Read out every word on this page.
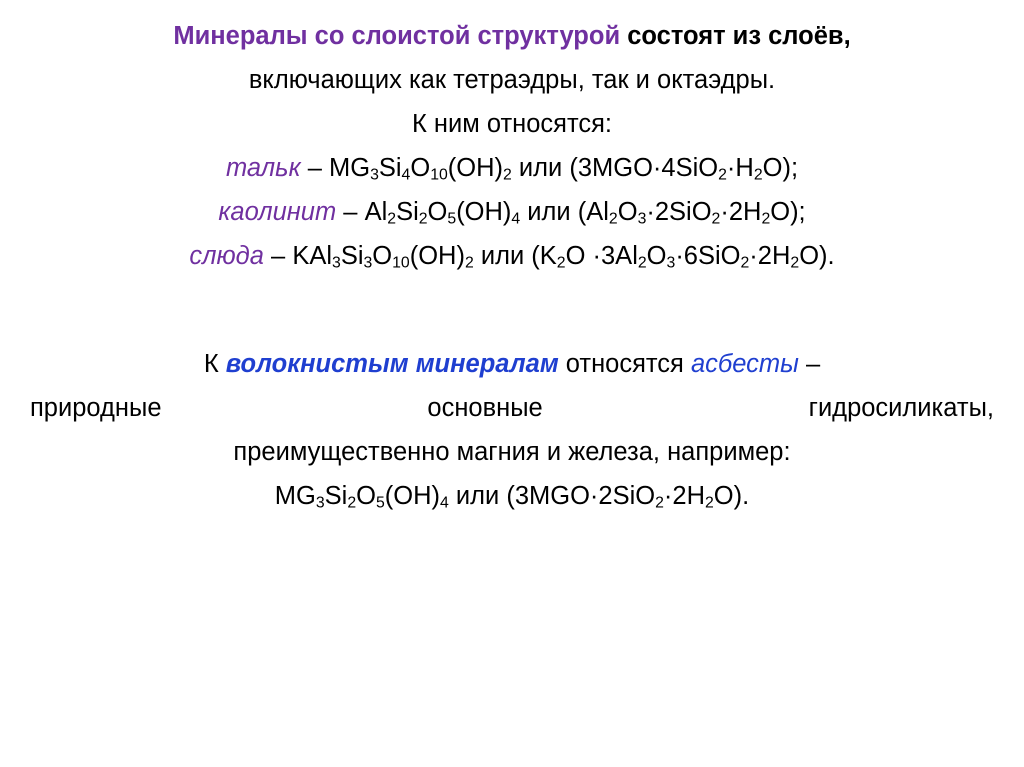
Минералы со слоистой структурой состоят из слоёв,
включающих как тетраэдры, так и октаэдры.
К ним относятся:
тальк – $MG_3Si_4O_{10}(OH)_2$ или $(3MGO\cdot 4SiO_2\cdot H_2O)$;
каолинит – $Al_2Si_2O_5(OH)_4$ или $(Al_2O_3\cdot 2SiO_2\cdot 2H_2O)$;
слюда – $KAl_3Si_3O_{10}(OH)_2$ или $(K_2O \cdot 3Al_2O_3\cdot 6SiO_2\cdot 2H_2O)$.
К волокнистым минералам относятся асбесты –
природные	основные	гидросиликаты,
преимущественно магния и железа, например:
$MG_3Si_2O_5(OH)_4$ или $(3MGO\cdot 2SiO_2\cdot 2H_2O)$.
